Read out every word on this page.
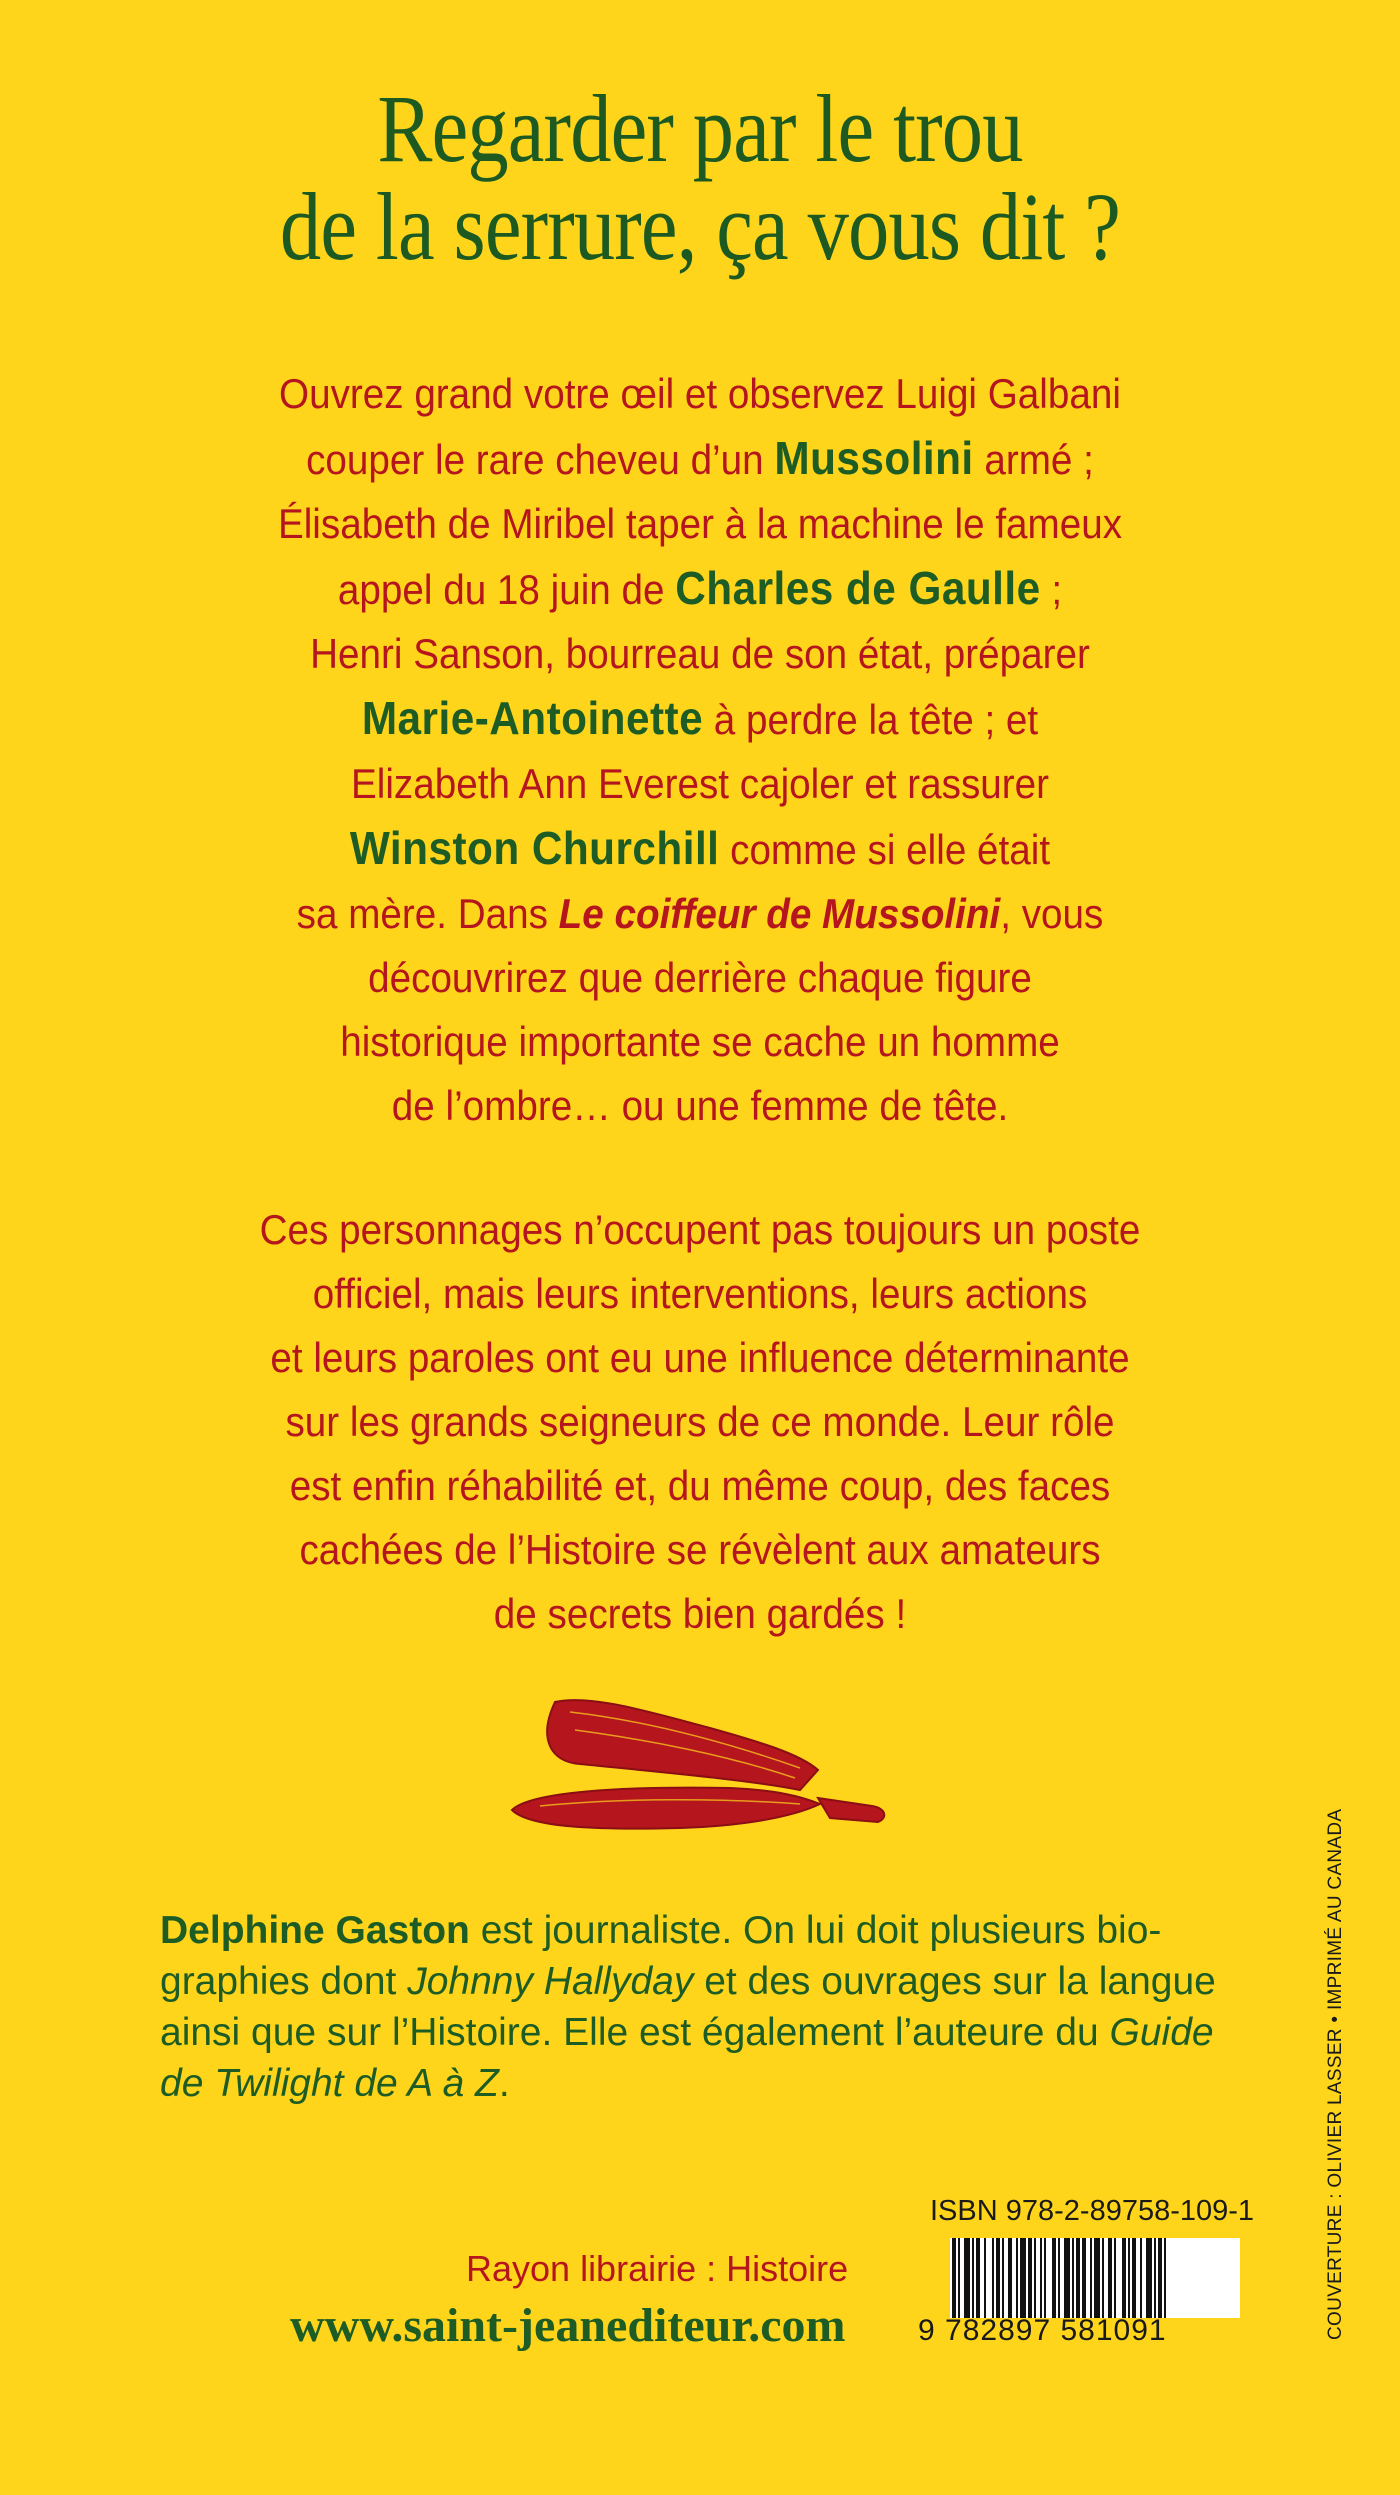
Regarder par le trou
de la serrure, ça vous dit ?
Ouvrez grand votre œil et observez Luigi Galbani
couper le rare cheveu d’un Mussolini armé ;
Élisabeth de Miribel taper à la machine le fameux
appel du 18 juin de Charles de Gaulle ;
Henri Sanson, bourreau de son état, préparer
Marie-Antoinette à perdre la tête ; et
Elizabeth Ann Everest cajoler et rassurer
Winston Churchill comme si elle était
sa mère. Dans Le coiffeur de Mussolini, vous
découvrirez que derrière chaque figure
historique importante se cache un homme
de l’ombre… ou une femme de tête.
Ces personnages n’occupent pas toujours un poste
officiel, mais leurs interventions, leurs actions
et leurs paroles ont eu une influence déterminante
sur les grands seigneurs de ce monde. Leur rôle
est enfin réhabilité et, du même coup, des faces
cachées de l’Histoire se révèlent aux amateurs
de secrets bien gardés !
Delphine Gaston est journaliste. On lui doit plusieurs bio-
graphies dont Johnny Hallyday et des ouvrages sur la langue
ainsi que sur l’Histoire. Elle est également l’auteure du Guide
de Twilight de A à Z.	COUVERTURE : OLIVIER LASSER • IMPRIMÉ AU CANADA
ISBN 978-2-89758-109-1
Rayon librairie : Histoire
www.saint-jeanediteur.com 9 782897 581091
